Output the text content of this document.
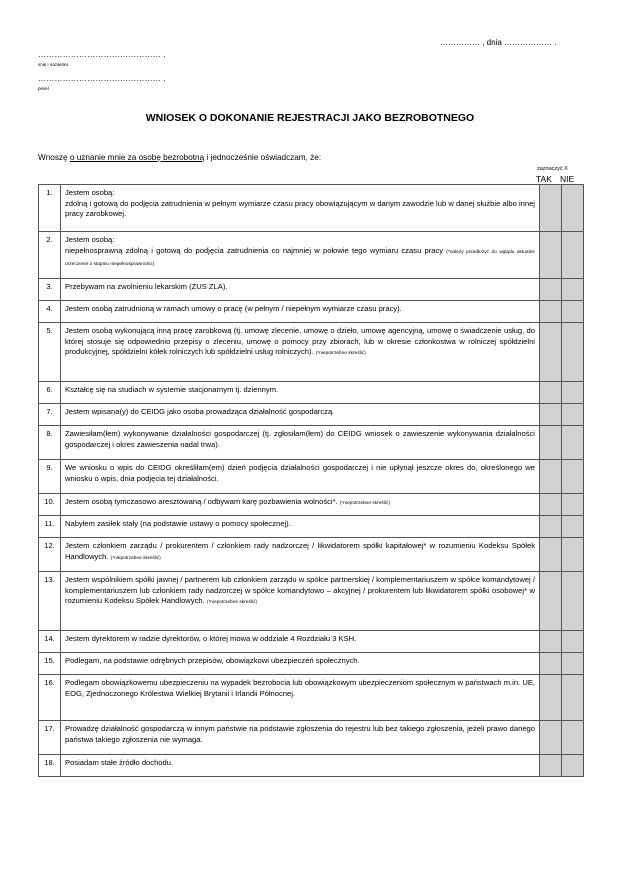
…………… , dnia ……………… .
……………………………………… .
imię i nazwisko
……………………………………… .
pesel
WNIOSEK O DOKONANIE REJESTRACJI JAKO BEZROBOTNEGO
Wnoszę o uznanie mnie za osobę bezrobotną i jednocześnie oświadczam, że:
zaznaczyć X
TAK NIE
1.	Jestem osobą:
zdolną i gotową do podjęcia zatrudnienia w pełnym wymiarze czasu pracy obowiązującym w danym zawodzie lub w danej służbie albo innej pracy zarobkowej.		
2.	Jestem osobą:
niepełnosprawną zdolną i gotową do podjęcia zatrudnienia co najmniej w połowie tego wymiaru czasu pracy (*należy przedłożyć do wglądu aktualne orzeczenie o stopniu niepełnosprawności).		
3.	Przebywam na zwolnieniu lekarskim (ZUS ZLA).		
4.	Jestem osobą zatrudnioną w ramach umowy o pracę (w pełnym / niepełnym wymiarze czasu pracy).		
5.	Jestem osobą wykonującą inną pracę zarobkową (tj. umowę zlecenie, umowę o dzieło, umowę agencyjną, umowę o świadczenie usług, do której stosuje się odpowiednio przepisy o zleceniu, umowę o pomocy przy zbiorach, lub w okresie członkostwa w rolniczej spółdzielni produkcyjnej, spółdzielni kółek rolniczych lub spółdzielni usług rolniczych). (*niepotrzebne skreślić)		
6.	Kształcę się na studiach w systemie stacjonarnym tj. dziennym.		
7.	Jestem wpisana(y) do CEIDG jako osoba prowadząca działalność gospodarczą.		
8.	Zawiesiłam(łem) wykonywanie działalności gospodarczej (tj. zgłosiłam(łem) do CEIDG wniosek o zawieszenie wykonywania działalności gospodarczej i okres zawieszenia nadal trwa).		
9.	We wniosku o wpis do CEIDG określiłam(em) dzień podjęcia działalności gospodarczej i nie upłynął jeszcze okres do, określonego we wniosku o wpis, dnia podjęcia tej działalności.		
10.	Jestem osobą tymczasowo aresztowaną / odbywam karę pozbawienia wolności*. (*niepotrzebne skreślić)		
11.	Nabyłem zasiłek stały (na podstawie ustawy o pomocy społecznej).		
12.	Jestem członkiem zarządu / prokurentem / członkiem rady nadzorczej / likwidatorem spółki kapitałowej* w rozumieniu Kodeksu Spółek Handlowych. (*niepotrzebne skreślić)		
13.	Jestem wspólnikiem spółki jawnej / partnerem lub członkiem zarządu w spółce partnerskiej / komplementariuszem w spółce komandytowej / komplementariuszem lub członkiem rady nadzorczej w spółce komandytowo – akcyjnej / prokurentem lub likwidatorem spółki osobowej* w rozumieniu Kodeksu Spółek Handlowych. (*niepotrzebne skreślić)		
14.	Jestem dyrektorem w radzie dyrektorów, o której mowa w oddziale 4 Rozdziału 3 KSH.		
15.	Podlegam, na podstawie odrębnych przepisów, obowiązkowi ubezpieczeń społecznych.		
16.	Podlegam obowiązkowemu ubezpieczeniu na wypadek bezrobocia lub obowiązkowym ubezpieczeniom społecznym w państwach m.in. UE, EOG, Zjednoczonego Królestwa Wielkiej Brytanii i Irlandii Północnej.		
17.	Prowadzę działalność gospodarczą w innym państwie na podstawie zgłoszenia do rejestru lub bez takiego zgłoszenia, jeżeli prawo danego państwa takiego zgłoszenia nie wymaga.		
18.	Posiadam stałe źródło dochodu.		
